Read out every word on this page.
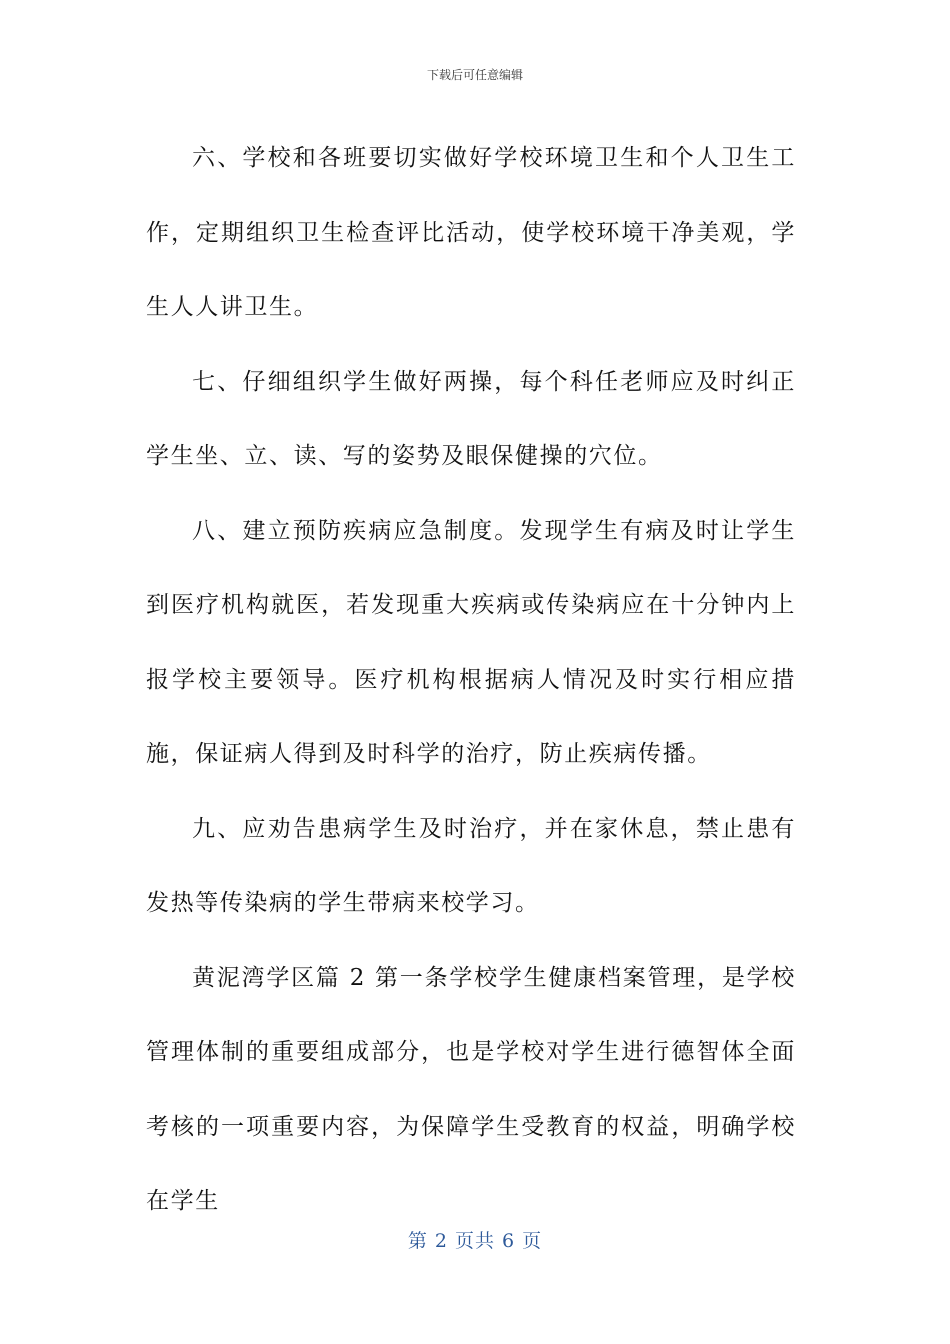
下载后可任意编辑

六、学校和各班要切实做好学校环境卫生和个人卫生工作，定期组织卫生检查评比活动，使学校环境干净美观，学生人人讲卫生。

七、仔细组织学生做好两操，每个科任老师应及时纠正学生坐、立、读、写的姿势及眼保健操的穴位。

八、建立预防疾病应急制度。发现学生有病及时让学生到医疗机构就医，若发现重大疾病或传染病应在十分钟内上报学校主要领导。医疗机构根据病人情况及时实行相应措施，保证病人得到及时科学的治疗，防止疾病传播。

九、应劝告患病学生及时治疗，并在家休息，禁止患有发热等传染病的学生带病来校学习。

黄泥湾学区篇 2 第一条学校学生健康档案管理，是学校管理体制的重要组成部分，也是学校对学生进行德智体全面考核的一项重要内容，为保障学生受教育的权益，明确学校在学生

第 2 页共 6 页
